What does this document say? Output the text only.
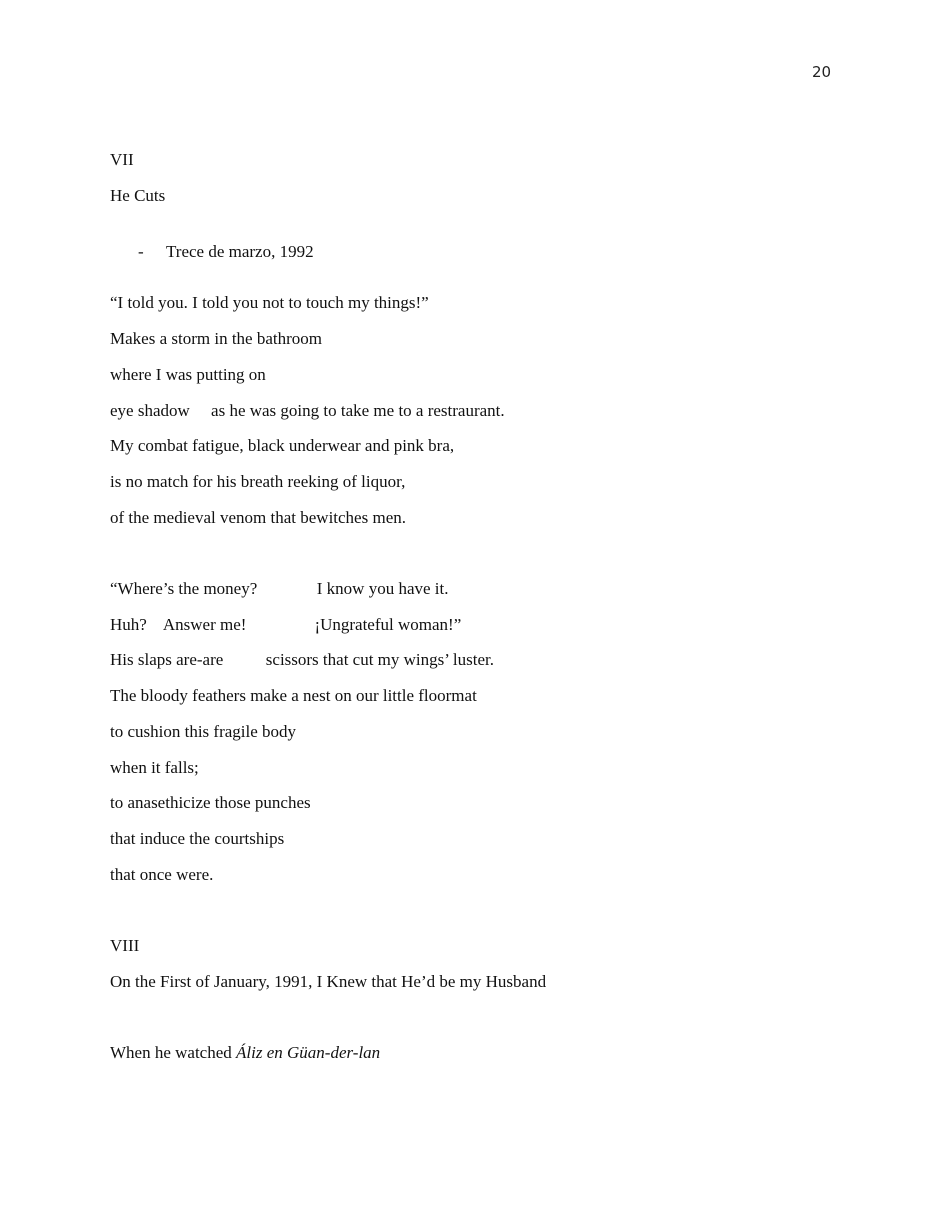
20
VII
He Cuts

- Trece de marzo, 1992

“I told you. I told you not to touch my things!”
Makes a storm in the bathroom
where I was putting on
eye shadow     as he was going to take me to a restraurant.
My combat fatigue, black underwear and pink bra,
is no match for his breath reeking of liquor,
of the medieval venom that bewitches men.
“Where’s the money?              I know you have it.
Huh?    Answer me!                ¡Ungrateful woman!”
His slaps are-are          scissors that cut my wings’ luster.
The bloody feathers make a nest on our little floormat
to cushion this fragile body
when it falls;
to anasethicize those punches
that induce the courtships
that once were.
VIII
On the First of January, 1991, I Knew that He’d be my Husband
When he watched Áliz en Güan-der-lan
